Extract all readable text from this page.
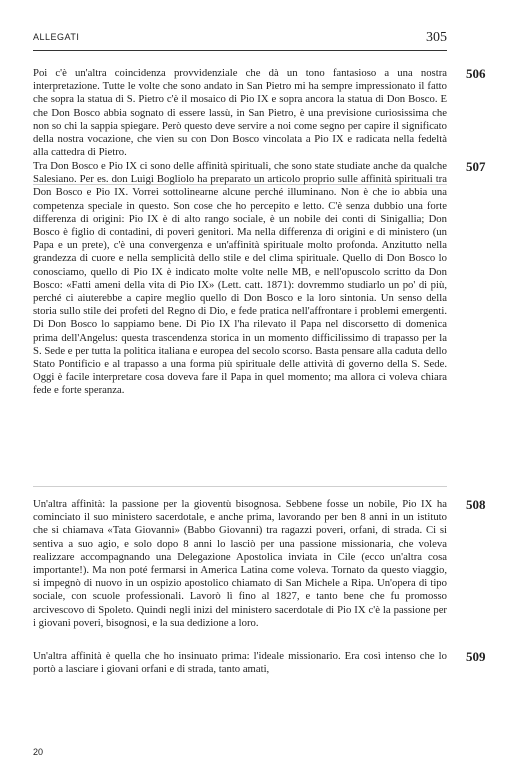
ALLEGATI	305

Poi c'è un'altra coincidenza provvidenziale che dà un tono fantasioso a una nostra interpretazione. Tutte le volte che sono andato in San Pietro mi ha sempre impressionato il fatto che sopra la statua di S. Pietro c'è il mosaico di Pio IX e sopra ancora la statua di Don Bosco. E che Don Bosco abbia sognato di essere lassù, in San Pietro, è una previsione curiosissima che non so chi la sappia spiegare. Però questo deve servire a noi come segno per capire il significato della nostra vocazione, che vien su con Don Bosco vincolata a Pio IX e radicata nella fedeltà alla cattedra di Pietro.

506

Tra Don Bosco e Pio IX ci sono delle affinità spirituali, che sono state studiate anche da qualche Salesiano. Per es. don Luigi Bogliolo ha preparato un articolo proprio sulle affinità spirituali tra Don Bosco e Pio IX. Vorrei sottolinearne alcune perché illuminano. Non è che io abbia una competenza speciale in questo. Son cose che ho percepito e letto. C'è senza dubbio una forte differenza di origini: Pio IX è di alto rango sociale, è un nobile dei conti di Sinigallia; Don Bosco è figlio di contadini, di poveri genitori. Ma nella differenza di origini e di ministero (un Papa e un prete), c'è una convergenza e un'affinità spirituale molto profonda. Anzitutto nella grandezza di cuore e nella semplicità dello stile e del clima spirituale. Quello di Don Bosco lo conosciamo, quello di Pio IX è indicato molte volte nelle MB, e nell'opuscolo scritto da Don Bosco: «Fatti ameni della vita di Pio IX» (Lett. catt. 1871): dovremmo studiarlo un po' di più, perché ci aiuterebbe a capire meglio quello di Don Bosco e la loro sintonia. Un senso della storia sullo stile dei profeti del Regno di Dio, e fede pratica nell'affrontare i problemi emergenti. Di Don Bosco lo sappiamo bene. Di Pio IX l'ha rilevato il Papa nel discorsetto di domenica prima dell'Angelus: questa trascendenza storica in un momento difficilissimo di trapasso per la S. Sede e per tutta la politica italiana e europea del secolo scorso. Basta pensare alla caduta dello Stato Pontificio e al trapasso a una forma più spirituale delle attività di governo della S. Sede. Oggi è facile interpretare cosa doveva fare il Papa in quel momento; ma allora ci voleva chiara fede e forte speranza.

507

Un'altra affinità: la passione per la gioventù bisognosa. Sebbene fosse un nobile, Pio IX ha cominciato il suo ministero sacerdotale, e anche prima, lavorando per ben 8 anni in un istituto che si chiamava «Tata Giovanni» (Babbo Giovanni) tra ragazzi poveri, orfani, di strada. Ci si sentiva a suo agio, e solo dopo 8 anni lo lasciò per una passione missionaria, che voleva realizzare accompagnando una Delegazione Apostolica inviata in Cile (ecco un'altra cosa importante!). Ma non poté fermarsi in America Latina come voleva. Tornato da questo viaggio, si impegnò di nuovo in un ospizio apostolico chiamato di San Michele a Ripa. Un'opera di tipo sociale, con scuole professionali. Lavorò lì fino al 1827, e tanto bene che fu promosso arcivescovo di Spoleto. Quindi negli inizi del ministero sacerdotale di Pio IX c'è la passione per i giovani poveri, bisognosi, e la sua dedizione a loro.

508

Un'altra affinità è quella che ho insinuato prima: l'ideale missionario. Era così intenso che lo portò a lasciare i giovani orfani e di strada, tanto amati,

509
20
